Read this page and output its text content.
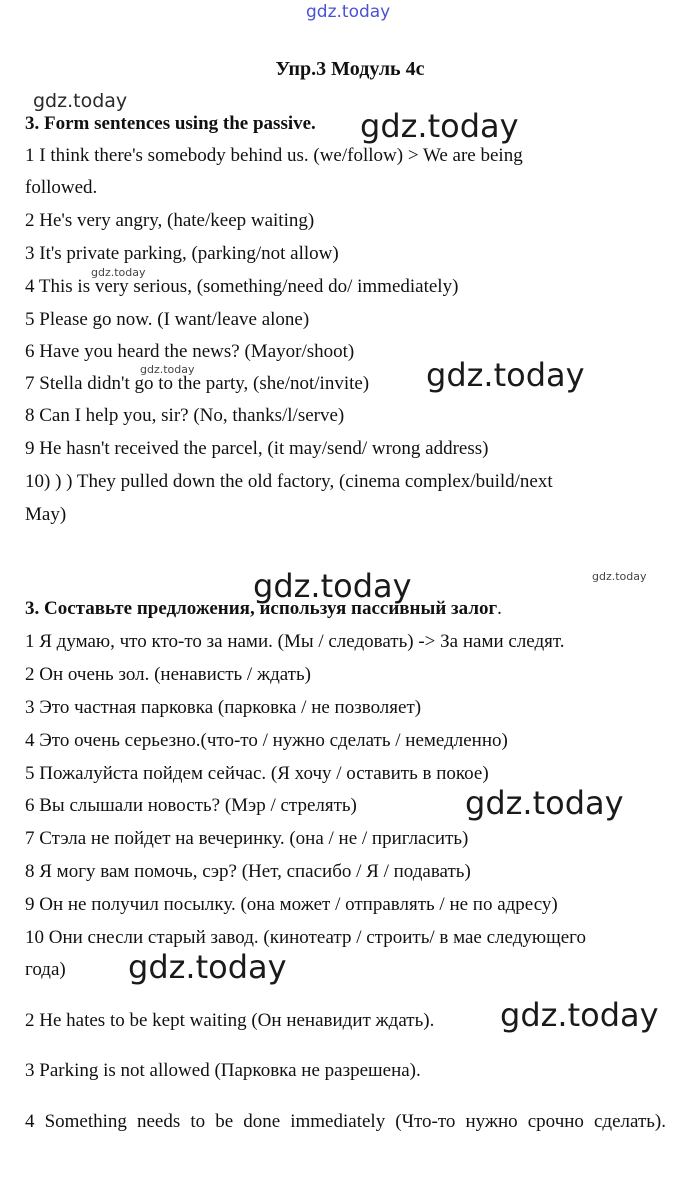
gdz.today
gdz.today
gdz.today
gdz.today
gdz.today	gdz.today
gdz.today	gdz.today
gdz.today
gdz.today
gdz.today
Упр.3 Модуль 4c
3. Form sentences using the passive.
1 I think there's somebody behind us. (we/follow) > We are being
followed.
2 He's very angry, (hate/keep waiting)
3 It's private parking, (parking/not allow)
4 This is very serious, (something/need do/ immediately)
5 Please go now. (I want/leave alone)
6 Have you heard the news? (Mayor/shoot)
7 Stella didn't go to the party, (she/not/invite)
8 Can I help you, sir? (No, thanks/l/serve)
9 He hasn't received the parcel, (it may/send/ wrong address)
10) ) ) They pulled down the old factory, (cinema complex/build/next
May)
3. Составьте предложения, используя пассивный залог.
1 Я думаю, что кто-то за нами. (Мы / следовать) -> За нами следят.
2 Он очень зол. (ненависть / ждать)
3 Это частная парковка (парковка / не позволяет)
4 Это очень серьезно.(что-то / нужно сделать / немедленно)
5 Пожалуйста пойдем сейчас. (Я хочу / оставить в покое)
6 Вы слышали новость? (Мэр / стрелять)
7 Стэла не пойдет на вечеринку. (она / не / пригласить)
8 Я могу вам помочь, сэр? (Нет, спасибо / Я / подавать)
9 Он не получил посылку. (она может / отправлять / не по адресу)
10 Они снесли старый завод. (кинотеатр / строить/ в мае следующего
года)
2 He hates to be kept waiting (Он ненавидит ждать).
3 Parking is not allowed (Парковка не разрешена).
4 Something needs to be done immediately (Что-то нужно срочно сделать).
